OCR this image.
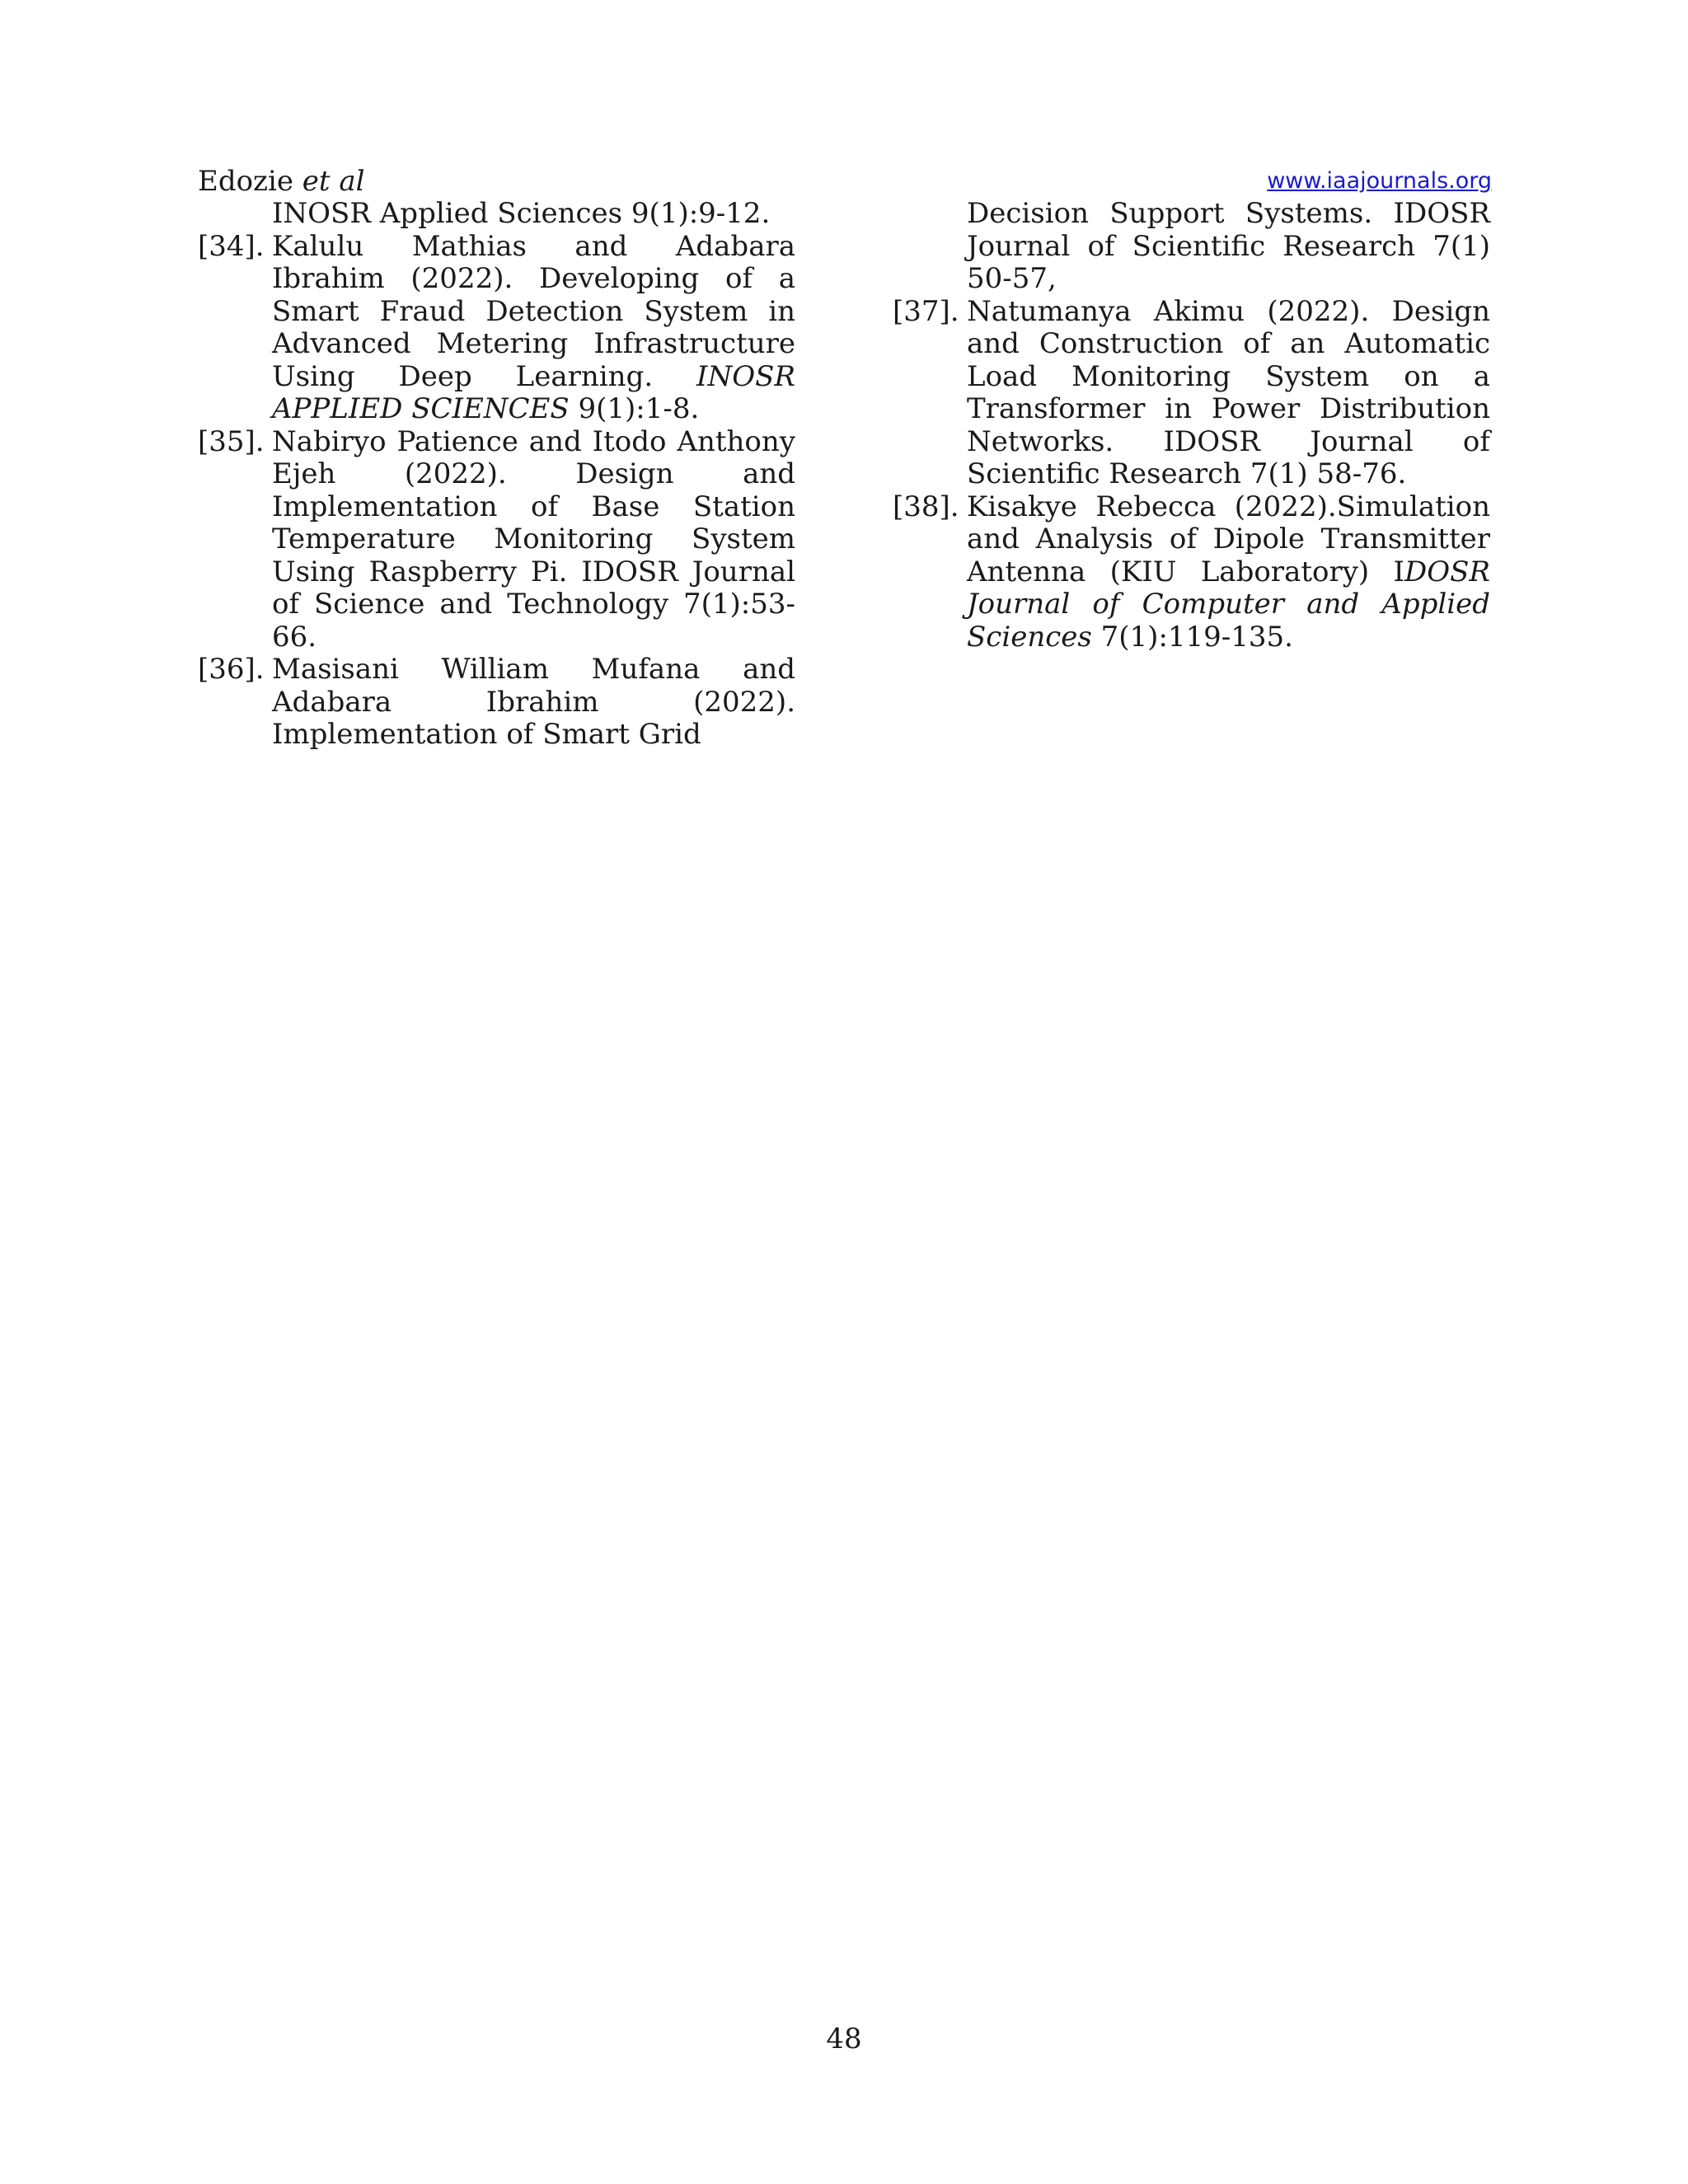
Edozie et al	www.iaajournals.org

INOSR Applied Sciences 9(1):9-12.

[34]. Kalulu Mathias and Adabara Ibrahim (2022). Developing of a Smart Fraud Detection System in Advanced Metering Infrastructure Using Deep Learning. INOSR APPLIED SCIENCES 9(1):1-8.

[35]. Nabiryo Patience and Itodo Anthony Ejeh (2022). Design and Implementation of Base Station Temperature Monitoring System Using Raspberry Pi. IDOSR Journal of Science and Technology 7(1):53- 66.

[36]. Masisani William Mufana and Adabara Ibrahim (2022). Implementation of Smart Grid

Decision Support Systems. IDOSR Journal of Scientific Research 7(1) 50-57,

[37]. Natumanya Akimu (2022). Design and Construction of an Automatic Load Monitoring System on a Transformer in Power Distribution Networks. IDOSR Journal of Scientific Research 7(1) 58-76.

[38]. Kisakye Rebecca (2022).Simulation and Analysis of Dipole Transmitter Antenna (KIU Laboratory) IDOSR Journal of Computer and Applied Sciences 7(1):119-135.

48
